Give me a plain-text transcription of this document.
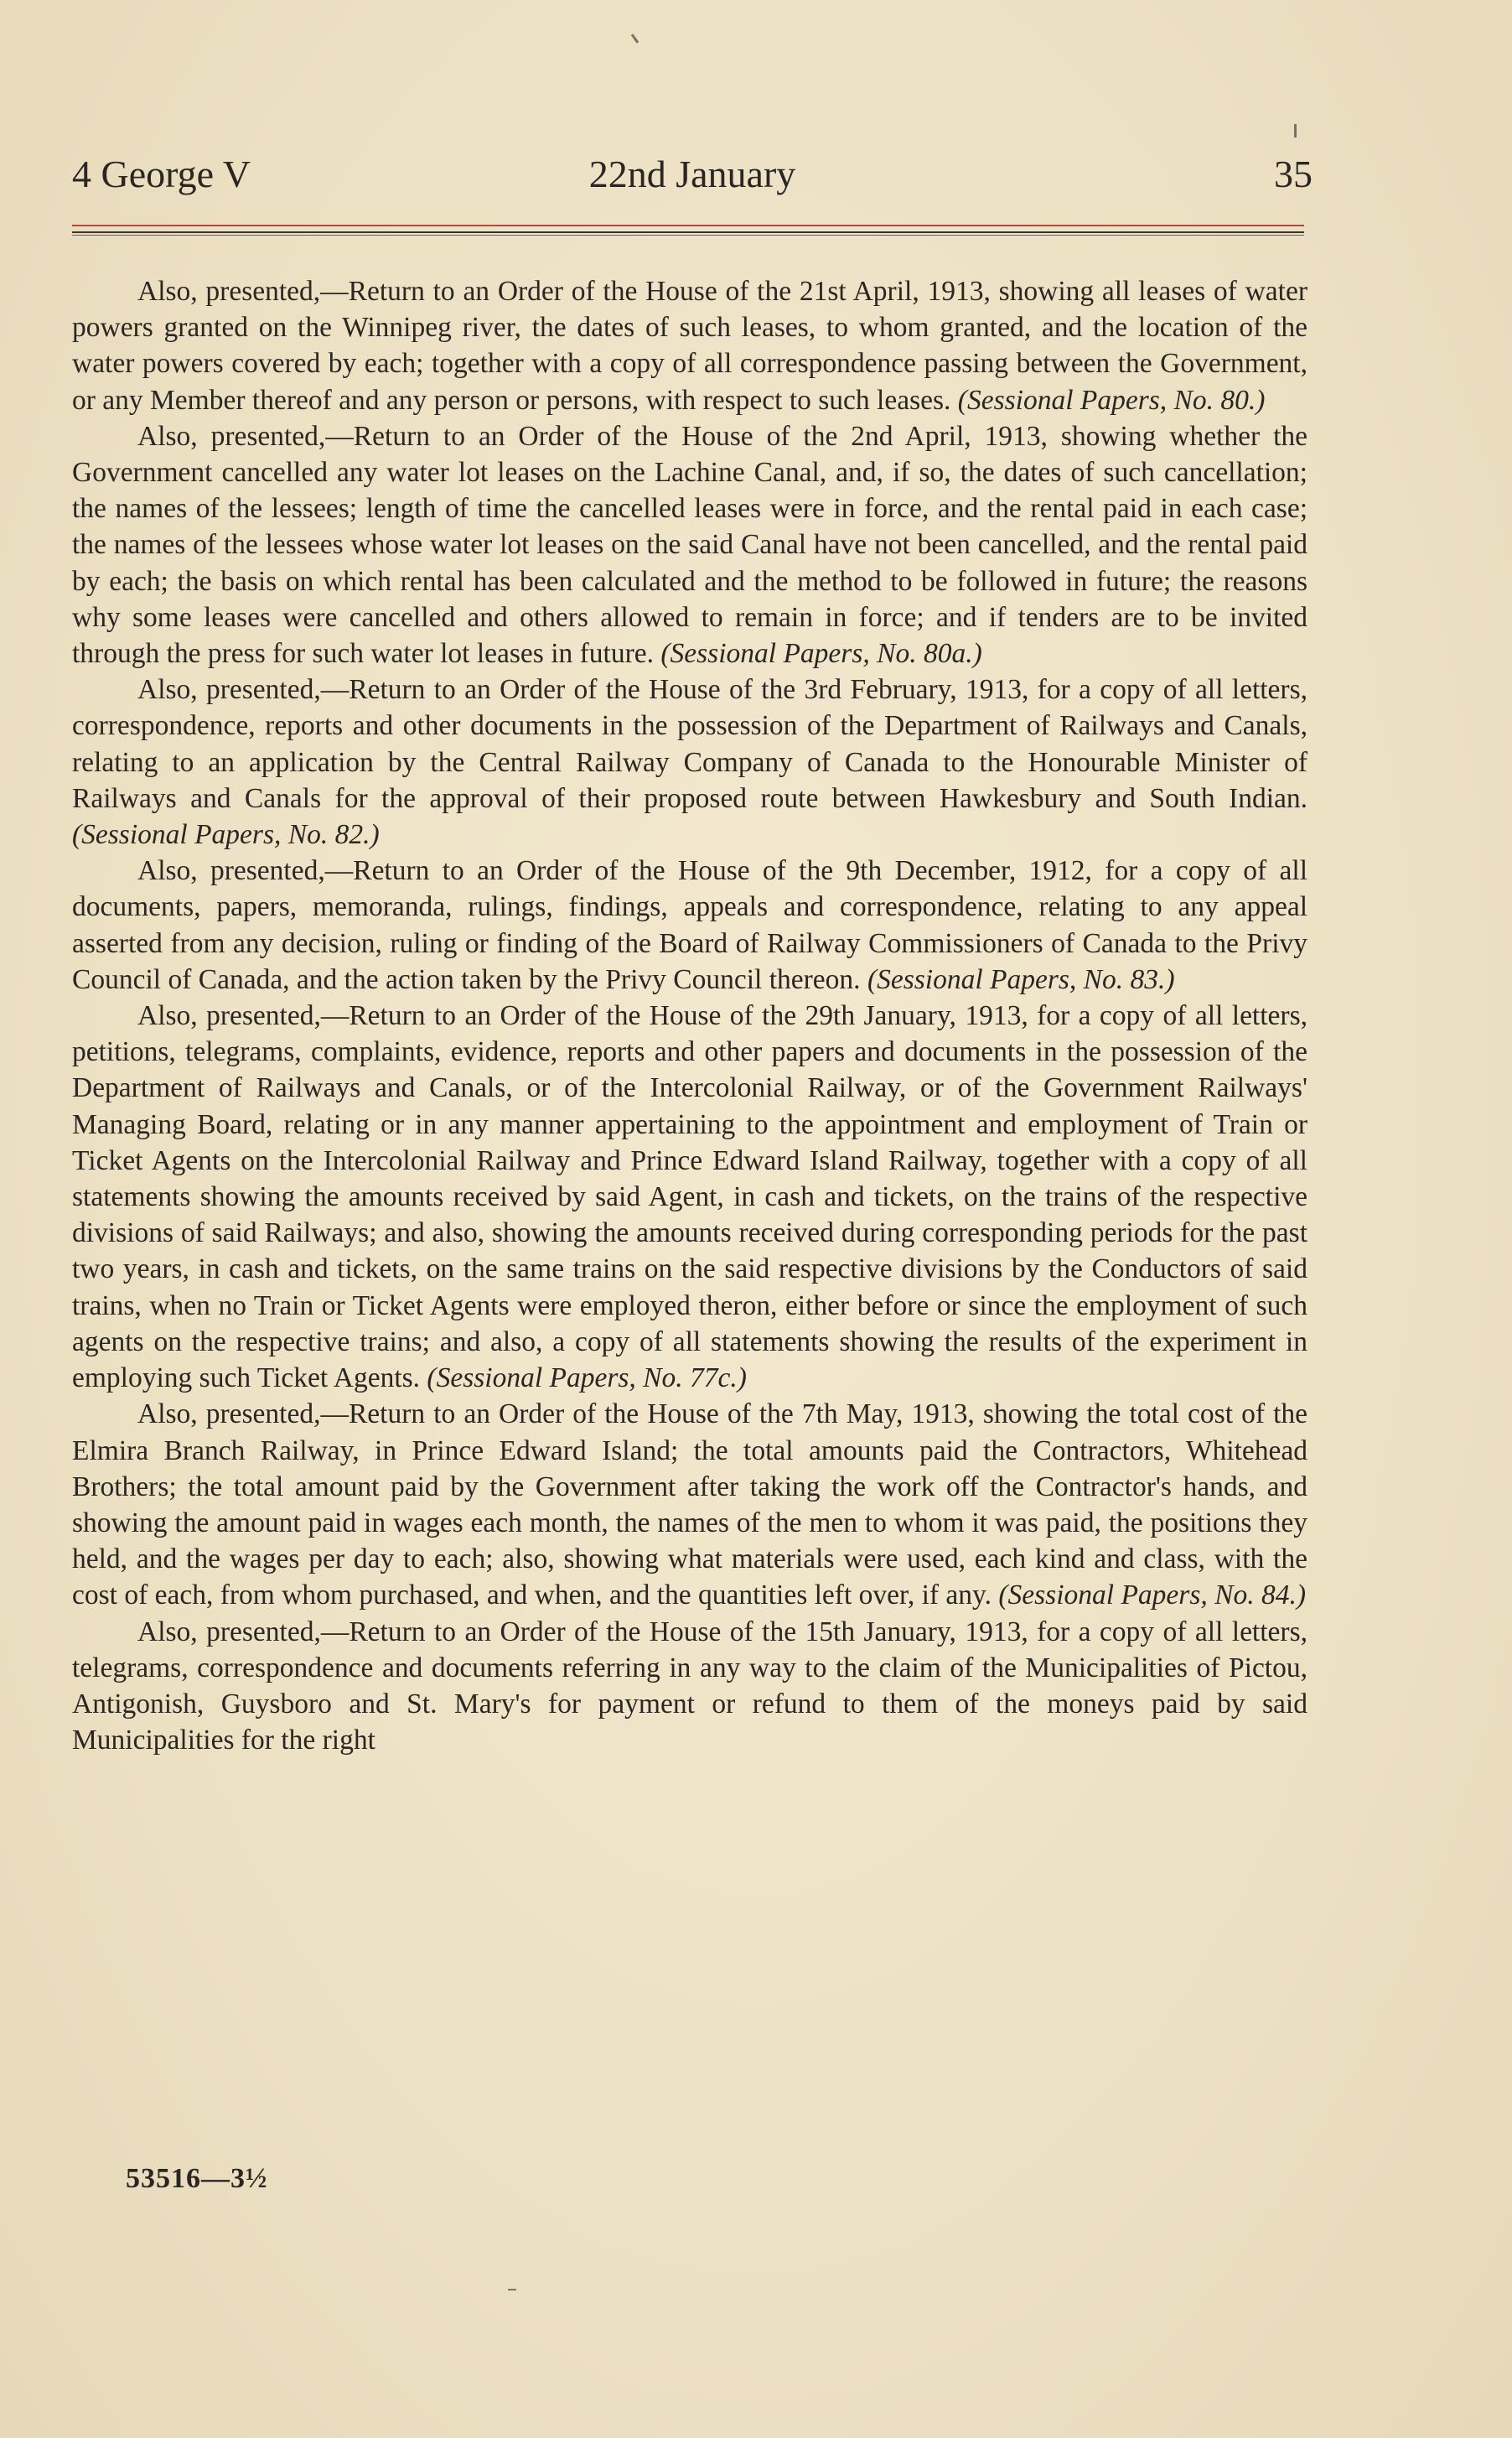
4 George V	22nd January	35

Also, presented,—Return to an Order of the House of the 21st April, 1913, showing all leases of water powers granted on the Winnipeg river, the dates of such leases, to whom granted, and the location of the water powers covered by each; together with a copy of all correspondence passing between the Government, or any Member thereof and any person or persons, with respect to such leases. (Sessional Papers, No. 80.)

Also, presented,—Return to an Order of the House of the 2nd April, 1913, showing whether the Government cancelled any water lot leases on the Lachine Canal, and, if so, the dates of such cancellation; the names of the lessees; length of time the cancelled leases were in force, and the rental paid in each case; the names of the lessees whose water lot leases on the said Canal have not been cancelled, and the rental paid by each; the basis on which rental has been calculated and the method to be followed in future; the reasons why some leases were cancelled and others allowed to remain in force; and if tenders are to be invited through the press for such water lot leases in future. (Sessional Papers, No. 80a.)

Also, presented,—Return to an Order of the House of the 3rd February, 1913, for a copy of all letters, correspondence, reports and other documents in the possession of the Department of Railways and Canals, relating to an application by the Central Railway Company of Canada to the Honourable Minister of Railways and Canals for the approval of their proposed route between Hawkesbury and South Indian. (Sessional Papers, No. 82.)

Also, presented,—Return to an Order of the House of the 9th December, 1912, for a copy of all documents, papers, memoranda, rulings, findings, appeals and correspondence, relating to any appeal asserted from any decision, ruling or finding of the Board of Railway Commissioners of Canada to the Privy Council of Canada, and the action taken by the Privy Council thereon. (Sessional Papers, No. 83.)

Also, presented,—Return to an Order of the House of the 29th January, 1913, for a copy of all letters, petitions, telegrams, complaints, evidence, reports and other papers and documents in the possession of the Department of Railways and Canals, or of the Intercolonial Railway, or of the Government Railways' Managing Board, relating or in any manner appertaining to the appointment and employment of Train or Ticket Agents on the Intercolonial Railway and Prince Edward Island Railway, together with a copy of all statements showing the amounts received by said Agent, in cash and tickets, on the trains of the respective divisions of said Railways; and also, showing the amounts received during corresponding periods for the past two years, in cash and tickets, on the same trains on the said respective divisions by the Conductors of said trains, when no Train or Ticket Agents were employed theron, either before or since the employment of such agents on the respective trains; and also, a copy of all statements showing the results of the experiment in employing such Ticket Agents. (Sessional Papers, No. 77c.)

Also, presented,—Return to an Order of the House of the 7th May, 1913, showing the total cost of the Elmira Branch Railway, in Prince Edward Island; the total amounts paid the Contractors, Whitehead Brothers; the total amount paid by the Government after taking the work off the Contractor's hands, and showing the amount paid in wages each month, the names of the men to whom it was paid, the positions they held, and the wages per day to each; also, showing what materials were used, each kind and class, with the cost of each, from whom purchased, and when, and the quantities left over, if any. (Sessional Papers, No. 84.)

Also, presented,—Return to an Order of the House of the 15th January, 1913, for a copy of all letters, telegrams, correspondence and documents referring in any way to the claim of the Municipalities of Pictou, Antigonish, Guysboro and St. Mary's for payment or refund to them of the moneys paid by said Municipalities for the right

53516—3½
